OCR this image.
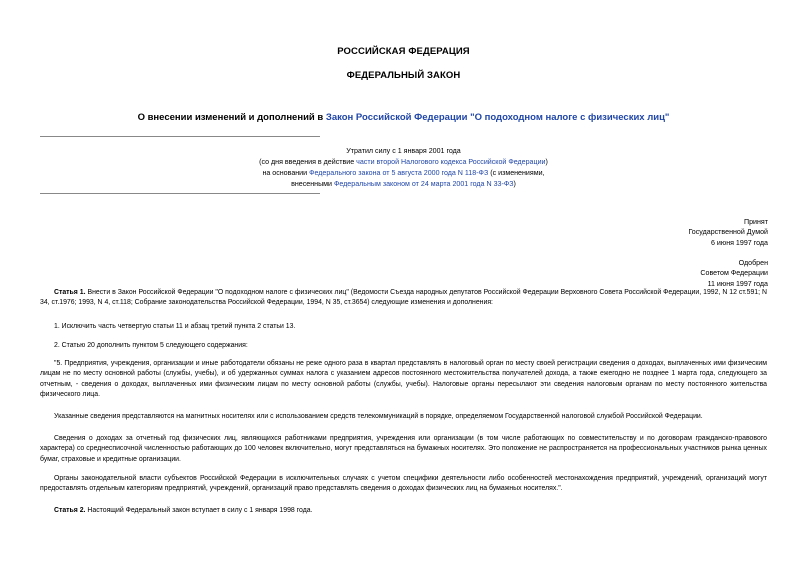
РОССИЙСКАЯ ФЕДЕРАЦИЯ
ФЕДЕРАЛЬНЫЙ ЗАКОН
О внесении изменений и дополнений в Закон Российской Федерации "О подоходном налоге с физических лиц"
Утратил силу с 1 января 2001 года
(со дня введения в действие части второй Налогового кодекса Российской Федерации)
на основании Федерального закона от 5 августа 2000 года N 118-ФЗ (с изменениями,
внесенными Федеральным законом от 24 марта 2001 года N 33-ФЗ)
Принят
Государственной Думой
6 июня 1997 года
Одобрен
Советом Федерации
11 июня 1997 года
Статья 1. Внести в Закон Российской Федерации "О подоходном налоге с физических лиц" (Ведомости Съезда народных депутатов Российской Федерации Верховного Совета Российской Федерации, 1992, N 12 ст.591; N 34, ст.1976; 1993, N 4, ст.118; Собрание законодательства Российской Федерации, 1994, N 35, ст.3654) следующие изменения и дополнения:
1. Исключить часть четвертую статьи 11 и абзац третий пункта 2 статьи 13.
2. Статью 20 дополнить пунктом 5 следующего содержания:
"5. Предприятия, учреждения, организации и иные работодатели обязаны не реже одного раза в квартал представлять в налоговый орган по месту своей регистрации сведения о доходах, выплаченных ими физическим лицам не по месту основной работы (службы, учебы), и об удержанных суммах налога с указанием адресов постоянного местожительства получателей дохода, а также ежегодно не позднее 1 марта года, следующего за отчетным, - сведения о доходах, выплаченных ими физическим лицам по месту основной работы (службы, учебы). Налоговые органы пересылают эти сведения налоговым органам по месту постоянного жительства физического лица.
Указанные сведения представляются на магнитных носителях или с использованием средств телекоммуникаций в порядке, определяемом Государственной налоговой службой Российской Федерации.
Сведения о доходах за отчетный год физических лиц, являющихся работниками предприятия, учреждения или организации (в том числе работающих по совместительству и по договорам гражданско-правового характера) со среднесписочной численностью работающих до 100 человек включительно, могут представляться на бумажных носителях. Это положение не распространяется на профессиональных участников рынка ценных бумаг, страховые и кредитные организации.
Органы законодательной власти субъектов Российской Федерации в исключительных случаях с учетом специфики деятельности либо особенностей местонахождения предприятий, учреждений, организаций могут предоставлять отдельным категориям предприятий, учреждений, организаций право представлять сведения о доходах физических лиц на бумажных носителях.".
Статья 2. Настоящий Федеральный закон вступает в силу с 1 января 1998 года.
